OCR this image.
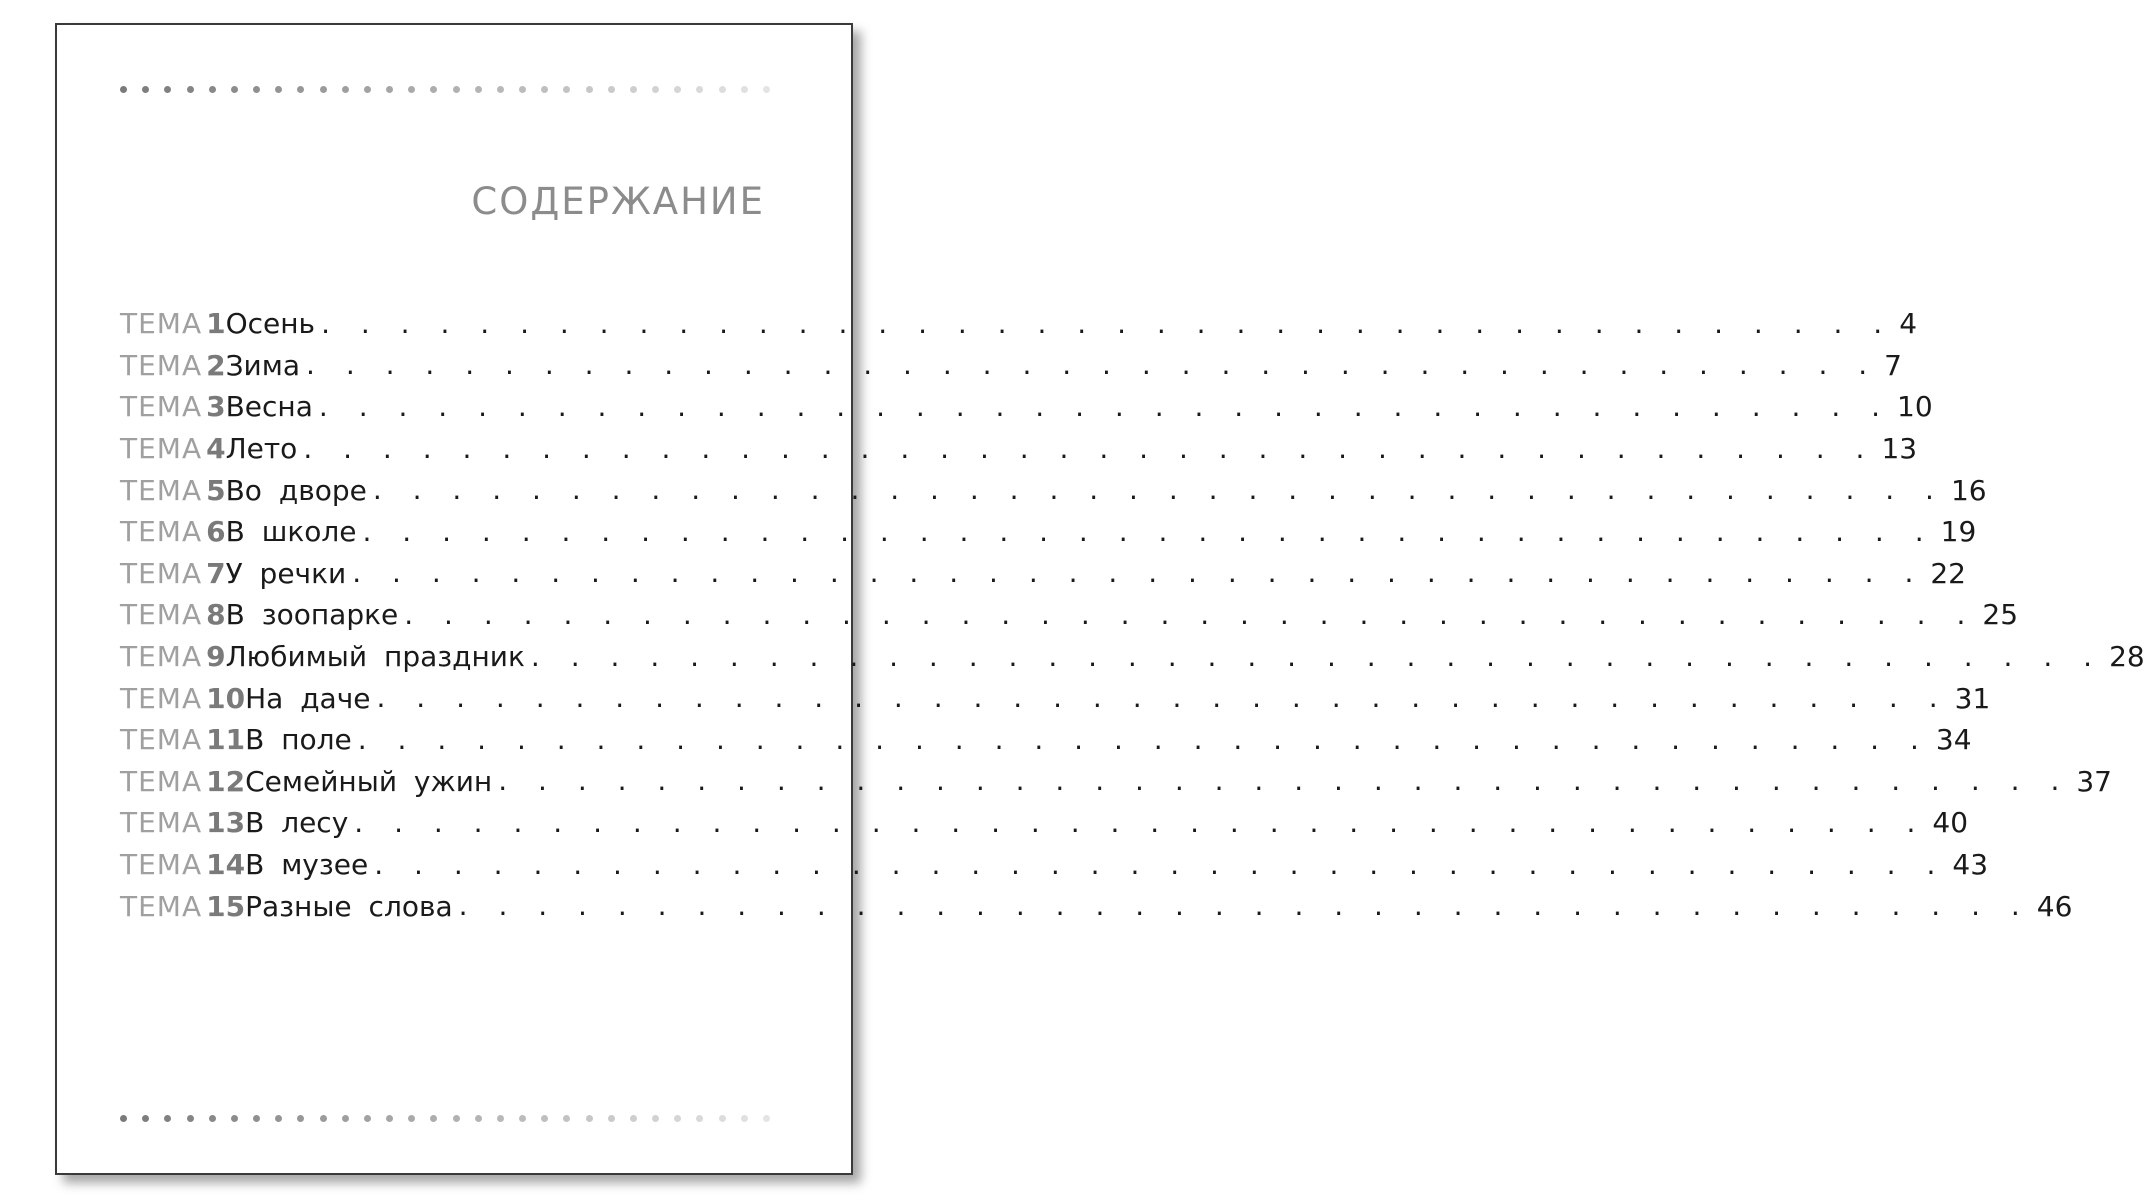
СОДЕРЖАНИЕ
ТЕМА 1 Осень . . . . . . . . . . . . . . . . . . . . . . . . . . . . . . . . . . . . . . . . 4
ТЕМА 2 Зима . . . . . . . . . . . . . . . . . . . . . . . . . . . . . . . . . . . . . . . . 7
ТЕМА 3 Весна . . . . . . . . . . . . . . . . . . . . . . . . . . . . . . . . . . . . . . . . 10
ТЕМА 4 Лето . . . . . . . . . . . . . . . . . . . . . . . . . . . . . . . . . . . . . . . . 13
ТЕМА 5 Во дворе . . . . . . . . . . . . . . . . . . . . . . . . . . . . . . . . . . . . . . . . 16
ТЕМА 6 В школе . . . . . . . . . . . . . . . . . . . . . . . . . . . . . . . . . . . . . . . . 19
ТЕМА 7 У речки . . . . . . . . . . . . . . . . . . . . . . . . . . . . . . . . . . . . . . . . 22
ТЕМА 8 В зоопарке . . . . . . . . . . . . . . . . . . . . . . . . . . . . . . . . . . . . . . . . 25
ТЕМА 9 Любимый праздник . . . . . . . . . . . . . . . . . . . . . . . . . . . . . . . . . . . . . . . . 28
ТЕМА 10 На даче . . . . . . . . . . . . . . . . . . . . . . . . . . . . . . . . . . . . . . . . 31
ТЕМА 11 В поле . . . . . . . . . . . . . . . . . . . . . . . . . . . . . . . . . . . . . . . . 34
ТЕМА 12 Семейный ужин . . . . . . . . . . . . . . . . . . . . . . . . . . . . . . . . . . . . . . . . 37
ТЕМА 13 В лесу . . . . . . . . . . . . . . . . . . . . . . . . . . . . . . . . . . . . . . . . 40
ТЕМА 14 В музее . . . . . . . . . . . . . . . . . . . . . . . . . . . . . . . . . . . . . . . . 43
ТЕМА 15 Разные слова . . . . . . . . . . . . . . . . . . . . . . . . . . . . . . . . . . . . . . . . 46
